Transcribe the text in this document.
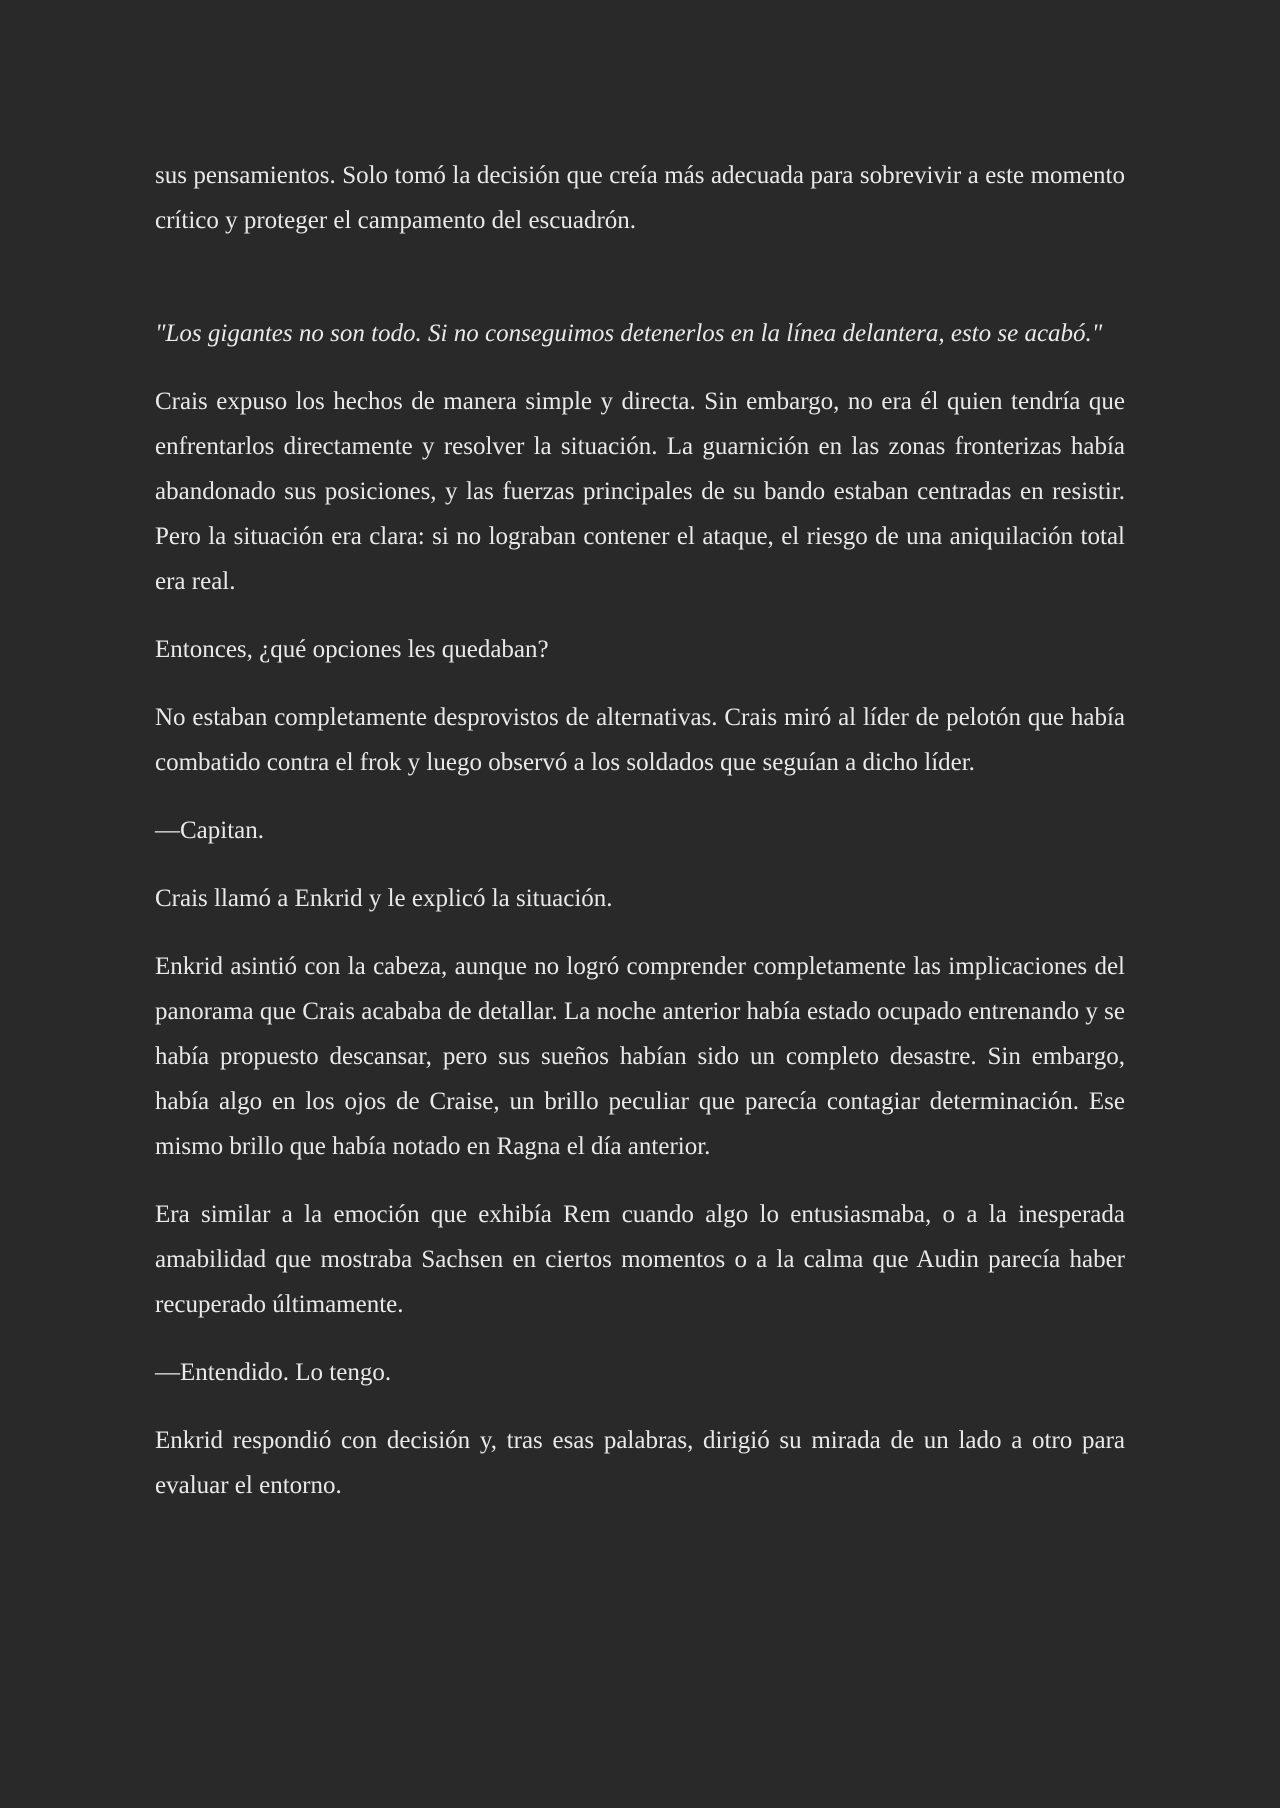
sus pensamientos. Solo tomó la decisión que creía más adecuada para sobrevivir a este momento crítico y proteger el campamento del escuadrón.

"Los gigantes no son todo. Si no conseguimos detenerlos en la línea delantera, esto se acabó."

Crais expuso los hechos de manera simple y directa. Sin embargo, no era él quien tendría que enfrentarlos directamente y resolver la situación. La guarnición en las zonas fronterizas había abandonado sus posiciones, y las fuerzas principales de su bando estaban centradas en resistir. Pero la situación era clara: si no lograban contener el ataque, el riesgo de una aniquilación total era real.

Entonces, ¿qué opciones les quedaban?

No estaban completamente desprovistos de alternativas. Crais miró al líder de pelotón que había combatido contra el frok y luego observó a los soldados que seguían a dicho líder.

—Capitan.

Crais llamó a Enkrid y le explicó la situación.

Enkrid asintió con la cabeza, aunque no logró comprender completamente las implicaciones del panorama que Crais acababa de detallar. La noche anterior había estado ocupado entrenando y se había propuesto descansar, pero sus sueños habían sido un completo desastre. Sin embargo, había algo en los ojos de Craise, un brillo peculiar que parecía contagiar determinación. Ese mismo brillo que había notado en Ragna el día anterior.

Era similar a la emoción que exhibía Rem cuando algo lo entusiasmaba, o a la inesperada amabilidad que mostraba Sachsen en ciertos momentos o a la calma que Audin parecía haber recuperado últimamente.

—Entendido. Lo tengo.

Enkrid respondió con decisión y, tras esas palabras, dirigió su mirada de un lado a otro para evaluar el entorno.
